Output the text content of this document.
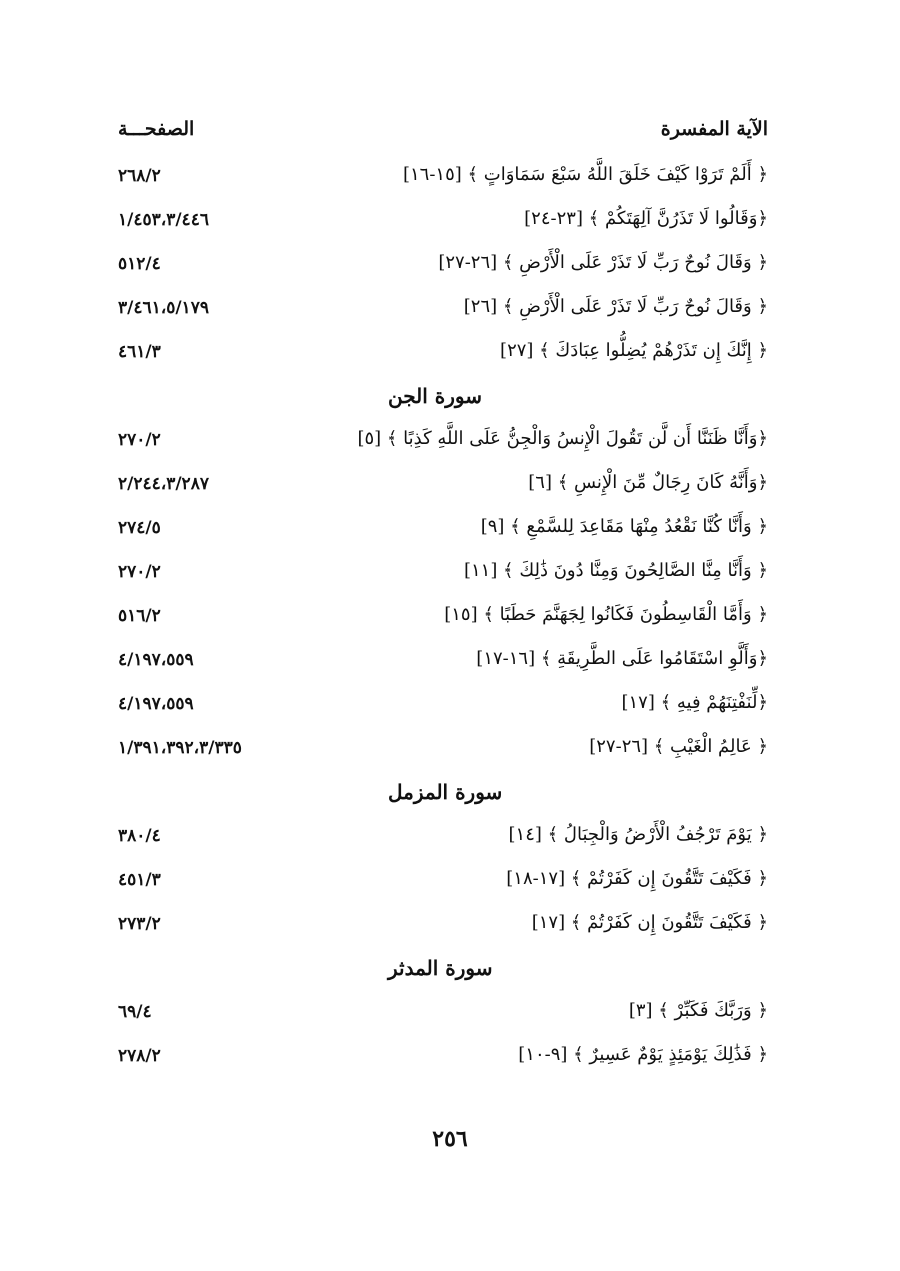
الآية المفسرة
الصفحـــة
﴿ أَلَمْ تَرَوْا كَيْفَ خَلَقَ اللَّهُ سَبْعَ سَمَاوَاتٍ ﴾ [١٥-١٦]
٢٦٨/٢
﴿وَقَالُوا لَا تَذَرُنَّ آلِهَتَكُمْ ﴾ [٢٣-٢٤]
١/٤٥٣،٣/٤٤٦
﴿ وَقَالَ نُوحٌ رَبِّ لَا تَذَرْ عَلَى الْأَرْضِ ﴾ [٢٦-٢٧]
٥١٢/٤
﴿ وَقَالَ نُوحٌ رَبِّ لَا تَذَرْ عَلَى الْأَرْضِ ﴾ [٢٦]
٣/٤٦١،٥/١٧٩
﴿ إِنَّكَ إِن تَذَرْهُمْ يُضِلُّوا عِبَادَكَ ﴾ [٢٧]
٤٦١/٣
سورة الجن
﴿وَأَنَّا ظَنَنَّا أَن لَّن تَقُولَ الْإِنسُ وَالْجِنُّ عَلَى اللَّهِ كَذِبًا ﴾ [٥]
٢٧٠/٢
﴿وَأَنَّهُ كَانَ رِجَالٌ مِّنَ الْإِنسِ ﴾ [٦]
٢/٢٤٤،٣/٢٨٧
﴿ وَأَنَّا كُنَّا نَقْعُدُ مِنْهَا مَقَاعِدَ لِلسَّمْعِ ﴾ [٩]
٢٧٤/٥
﴿ وَأَنَّا مِنَّا الصَّالِحُونَ وَمِنَّا دُونَ ذَٰلِكَ ﴾ [١١]
٢٧٠/٢
﴿ وَأَمَّا الْقَاسِطُونَ فَكَانُوا لِجَهَنَّمَ حَطَبًا ﴾ [١٥]
٥١٦/٢
﴿وَأَلَّوِ اسْتَقَامُوا عَلَى الطَّرِيقَةِ ﴾ [١٦-١٧]
٤/١٩٧،٥٥٩
﴿لِّنَفْتِنَهُمْ فِيهِ ﴾ [١٧]
٤/١٩٧،٥٥٩
﴿ عَالِمُ الْغَيْبِ ﴾ [٢٦-٢٧]
١/٣٩١،٣٩٢،٣/٣٣٥
سورة المزمل
﴿ يَوْمَ تَرْجُفُ الْأَرْضُ وَالْجِبَالُ ﴾ [١٤]
٣٨٠/٤
﴿ فَكَيْفَ تَتَّقُونَ إِن كَفَرْتُمْ ﴾ [١٧-١٨]
٤٥١/٣
﴿ فَكَيْفَ تَتَّقُونَ إِن كَفَرْتُمْ ﴾ [١٧]
٢٧٣/٢
سورة المدثر
﴿ وَرَبَّكَ فَكَبِّرْ ﴾ [٣]
٦٩/٤
﴿ فَذَٰلِكَ يَوْمَئِذٍ يَوْمٌ عَسِيرٌ ﴾ [٩-١٠]
٢٧٨/٢
٢٥٦
